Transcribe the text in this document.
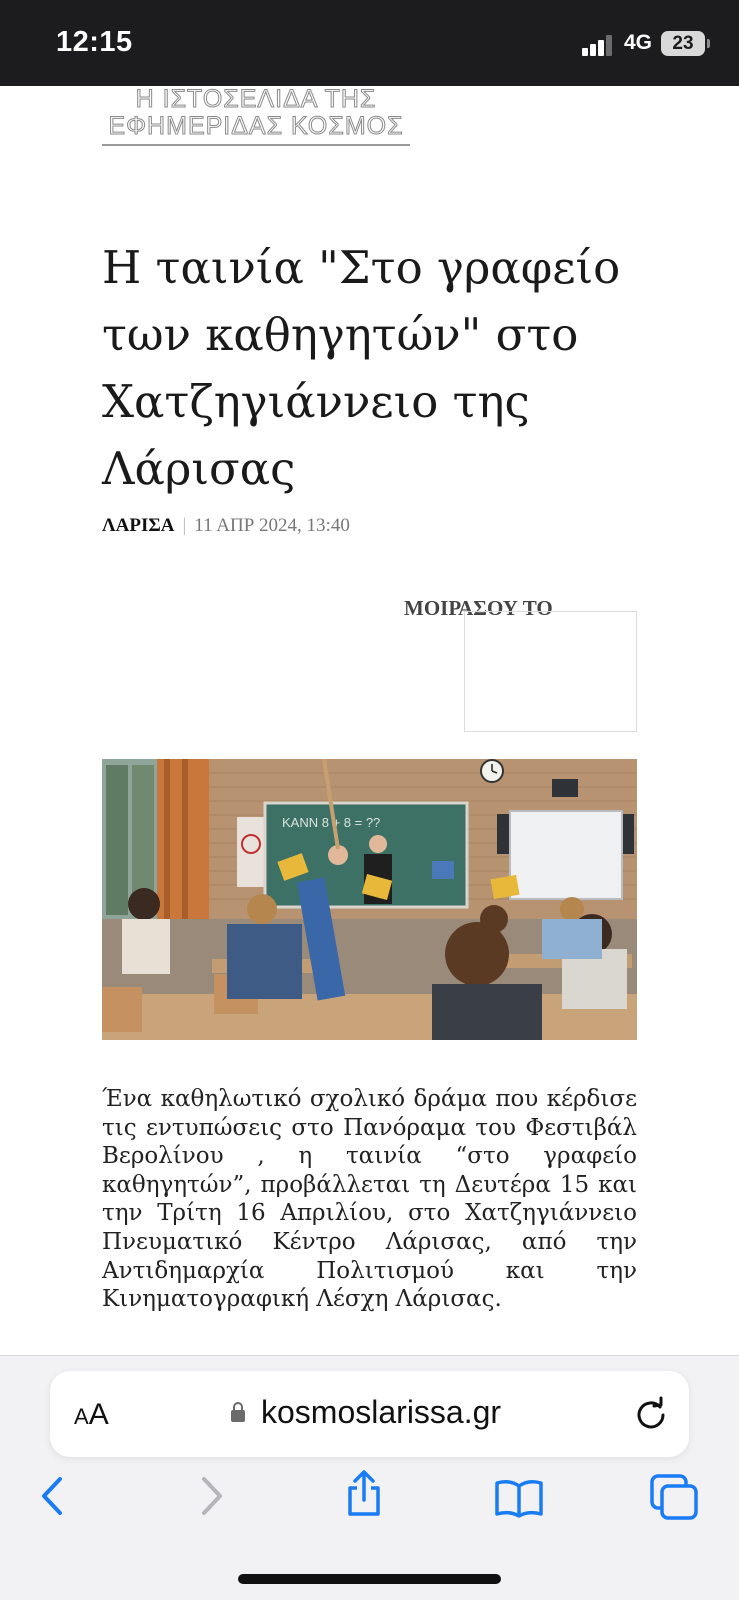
12:15	4G	23
Η ΙΣΤΟΣΕΛΙΔΑ ΤΗΣ
ΕΦΗΜΕΡΙΔΑΣ ΚΟΣΜΟΣ
Η ταινία "Στο γραφείο των καθηγητών" στο Χατζηγιάννειο της Λάρισας
ΛΑΡΙΣΑ | 11 ΑΠΡ 2024, 13:40
ΜΟΙΡΑΣΟΥ ΤΟ
KANN 8 + 8 = ??

Ένα καθηλωτικό σχολικό δράμα που κέρδισε τις εντυπώσεις στο Πανόραμα του Φεστιβάλ Βερολίνου , η ταινία “στο γραφείο καθηγητών”, προβάλλεται τη Δευτέρα 15 και την Τρίτη 16 Απριλίου, στο Χατζηγιάννειο Πνευματικό Κέντρο Λάρισας, από την Αντιδημαρχία Πολιτισμού και την Κινηματογραφική Λέσχη Λάρισας.

AA	kosmoslarissa.gr
